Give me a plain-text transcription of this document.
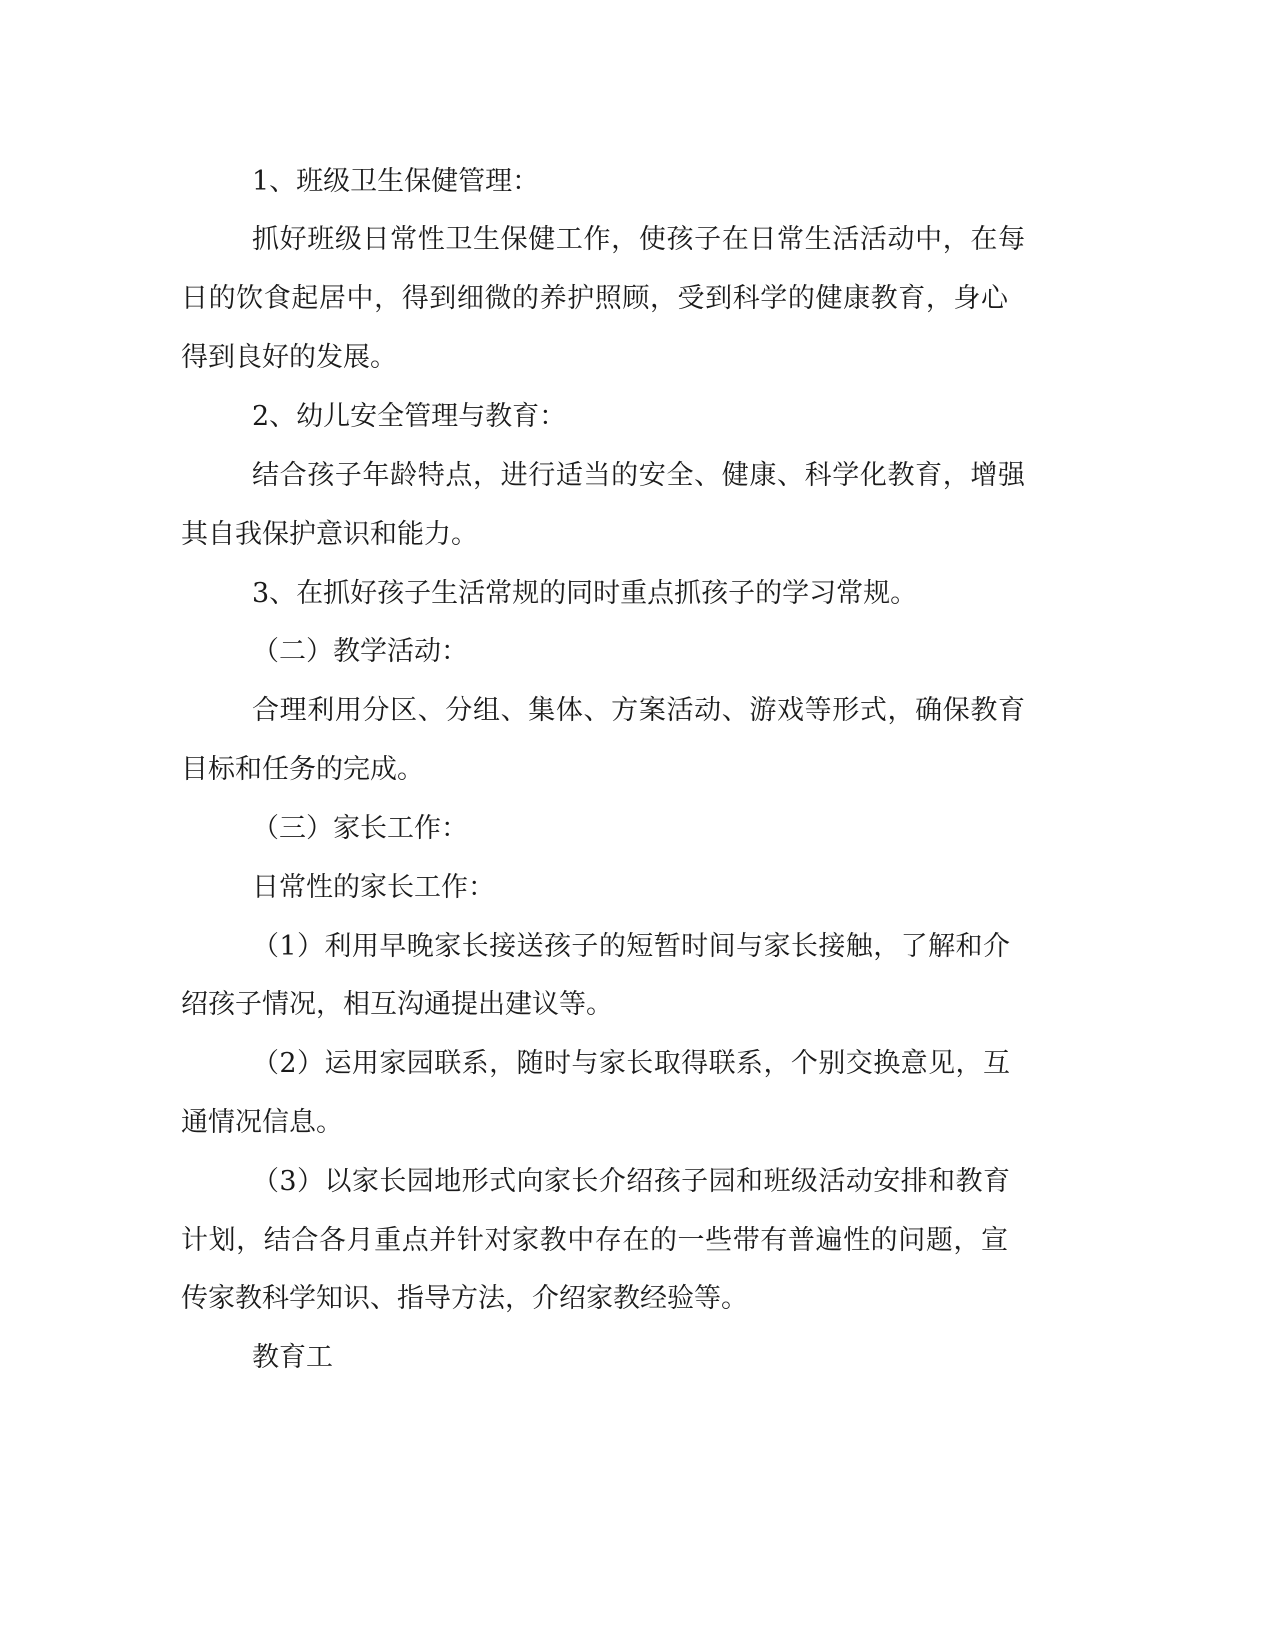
1、班级卫生保健管理：
抓好班级日常性卫生保健工作，使孩子在日常生活活动中，在每
日的饮食起居中，得到细微的养护照顾，受到科学的健康教育，身心
得到良好的发展。
2、幼儿安全管理与教育：
结合孩子年龄特点，进行适当的安全、健康、科学化教育，增强
其自我保护意识和能力。
3、在抓好孩子生活常规的同时重点抓孩子的学习常规。
（二）教学活动：
合理利用分区、分组、集体、方案活动、游戏等形式，确保教育
目标和任务的完成。
（三）家长工作：
日常性的家长工作：
（1）利用早晚家长接送孩子的短暂时间与家长接触，了解和介
绍孩子情况，相互沟通提出建议等。
（2）运用家园联系，随时与家长取得联系，个别交换意见，互
通情况信息。
（3）以家长园地形式向家长介绍孩子园和班级活动安排和教育
计划，结合各月重点并针对家教中存在的一些带有普遍性的问题，宣
传家教科学知识、指导方法，介绍家教经验等。
教育工
